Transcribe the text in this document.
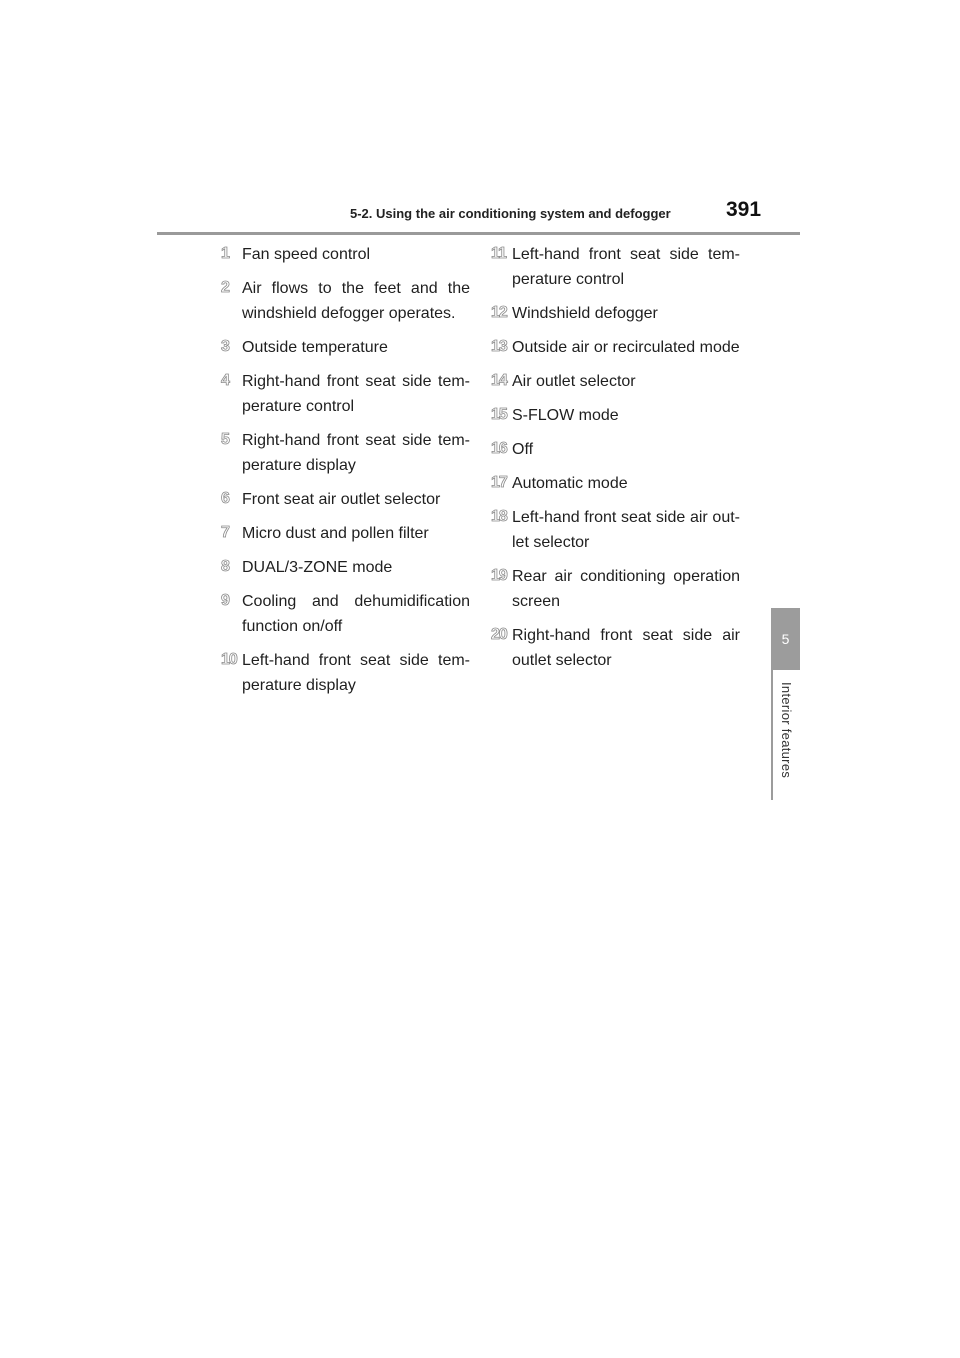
5-2. Using the air conditioning system and defogger	391
5
Interior features
1 Fan speed control
2 Air flows to the feet and the windshield defogger operates.
3 Outside temperature
4 Right-hand front seat side tem-perature control
5 Right-hand front seat side tem-perature display
6 Front seat air outlet selector
7 Micro dust and pollen filter
8 DUAL/3-ZONE mode
9 Cooling and dehumidification function on/off
10 Left-hand front seat side tem-perature display
11 Left-hand front seat side tem-perature control
12 Windshield defogger
13 Outside air or recirculated mode
14 Air outlet selector
15 S-FLOW mode
16 Off
17 Automatic mode
18 Left-hand front seat side air out-let selector
19 Rear air conditioning operation screen
20 Right-hand front seat side air outlet selector
